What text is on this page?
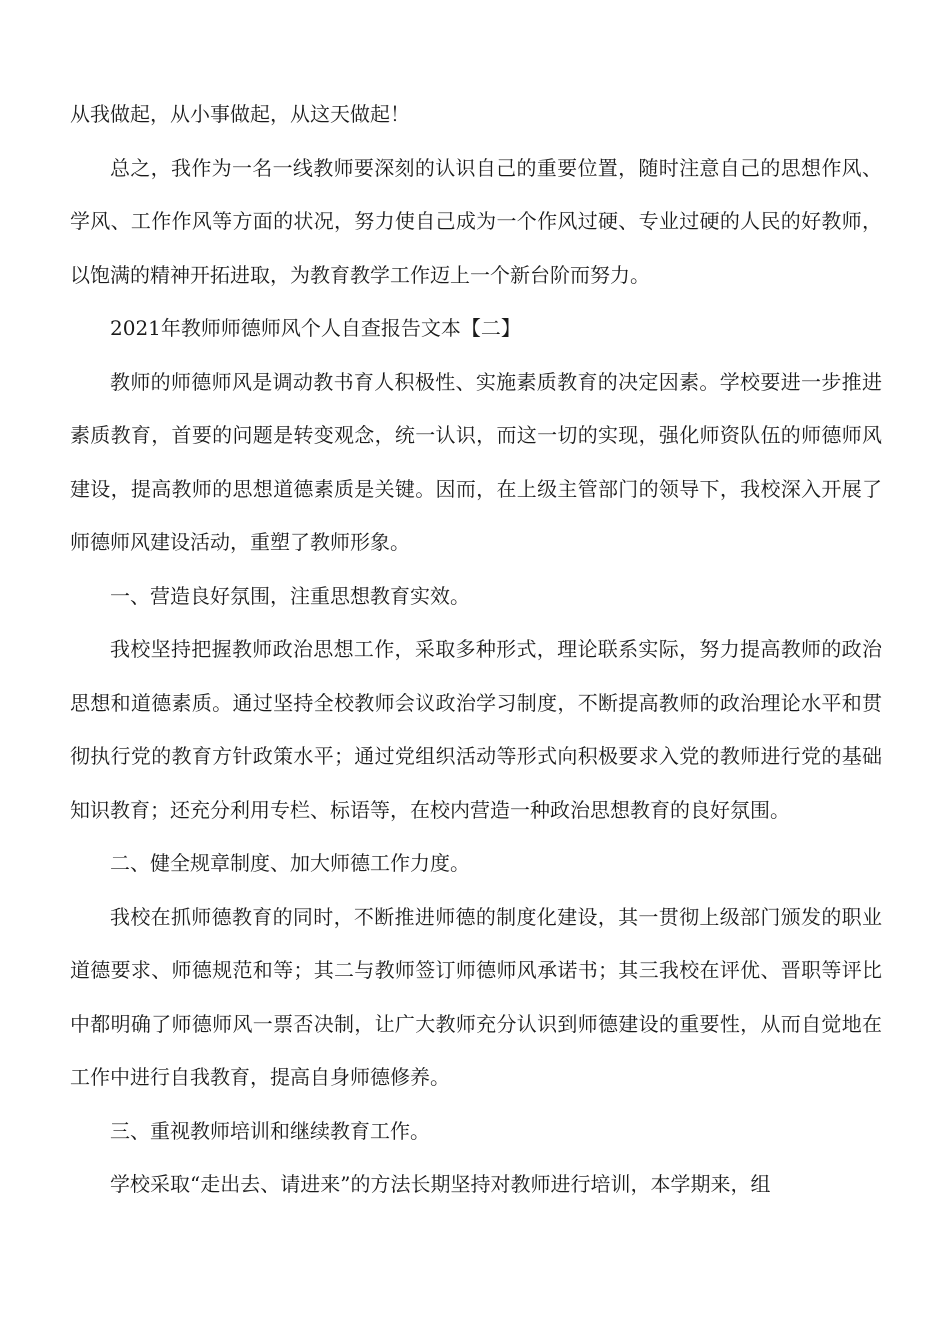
从我做起，从小事做起，从这天做起！

总之，我作为一名一线教师要深刻的认识自己的重要位置，随时注意自己的思想作风、学风、工作作风等方面的状况，努力使自己成为一个作风过硬、专业过硬的人民的好教师，以饱满的精神开拓进取，为教育教学工作迈上一个新台阶而努力。

2021年教师师德师风个人自查报告文本【二】

教师的师德师风是调动教书育人积极性、实施素质教育的决定因素。学校要进一步推进素质教育，首要的问题是转变观念，统一认识，而这一切的实现，强化师资队伍的师德师风建设，提高教师的思想道德素质是关键。因而，在上级主管部门的领导下，我校深入开展了师德师风建设活动，重塑了教师形象。

一、营造良好氛围，注重思想教育实效。

我校坚持把握教师政治思想工作，采取多种形式，理论联系实际，努力提高教师的政治思想和道德素质。通过坚持全校教师会议政治学习制度，不断提高教师的政治理论水平和贯彻执行党的教育方针政策水平；通过党组织活动等形式向积极要求入党的教师进行党的基础知识教育；还充分利用专栏、标语等，在校内营造一种政治思想教育的良好氛围。

二、健全规章制度、加大师德工作力度。

我校在抓师德教育的同时，不断推进师德的制度化建设，其一贯彻上级部门颁发的职业道德要求、师德规范和等；其二与教师签订师德师风承诺书；其三我校在评优、晋职等评比中都明确了师德师风一票否决制，让广大教师充分认识到师德建设的重要性，从而自觉地在工作中进行自我教育，提高自身师德修养。

三、重视教师培训和继续教育工作。

学校采取“走出去、请进来”的方法长期坚持对教师进行培训，本学期来，组
